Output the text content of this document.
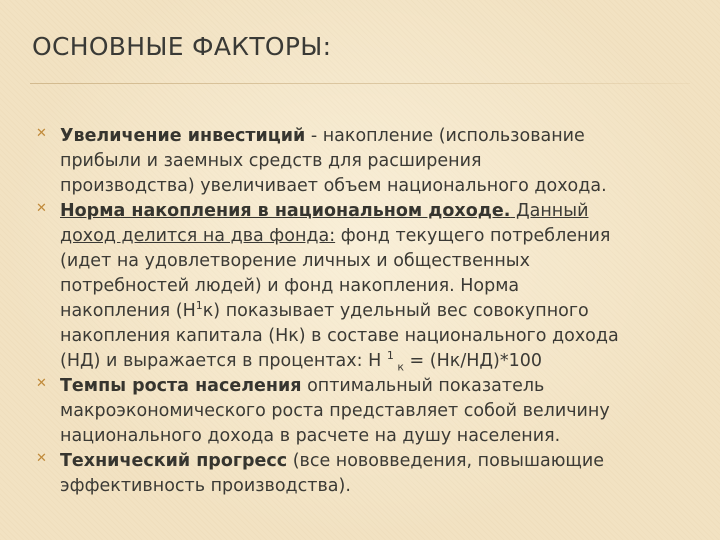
ОСНОВНЫЕ ФАКТОРЫ:
✕ Увеличение инвестиций - накопление (использование
прибыли и заемных средств для расширения
производства) увеличивает объем национального дохода.
✕ Норма накопления в национальном доходе. Данный
доход делится на два фонда: фонд текущего потребления
(идет на удовлетворение личных и общественных
потребностей людей) и фонд накопления. Норма
накопления $(Н^1к)$ показывает удельный вес совокупного
накопления капитала (Нк) в составе национального дохода
(НД) и выражается в процентах: Н $^1$ $_к$ = (Нк/НД)*100
✕ Темпы роста населения оптимальный показатель
макроэкономического роста представляет собой величину
национального дохода в расчете на душу населения.
✕ Технический прогресс (все нововведения, повышающие
эффективность производства).
